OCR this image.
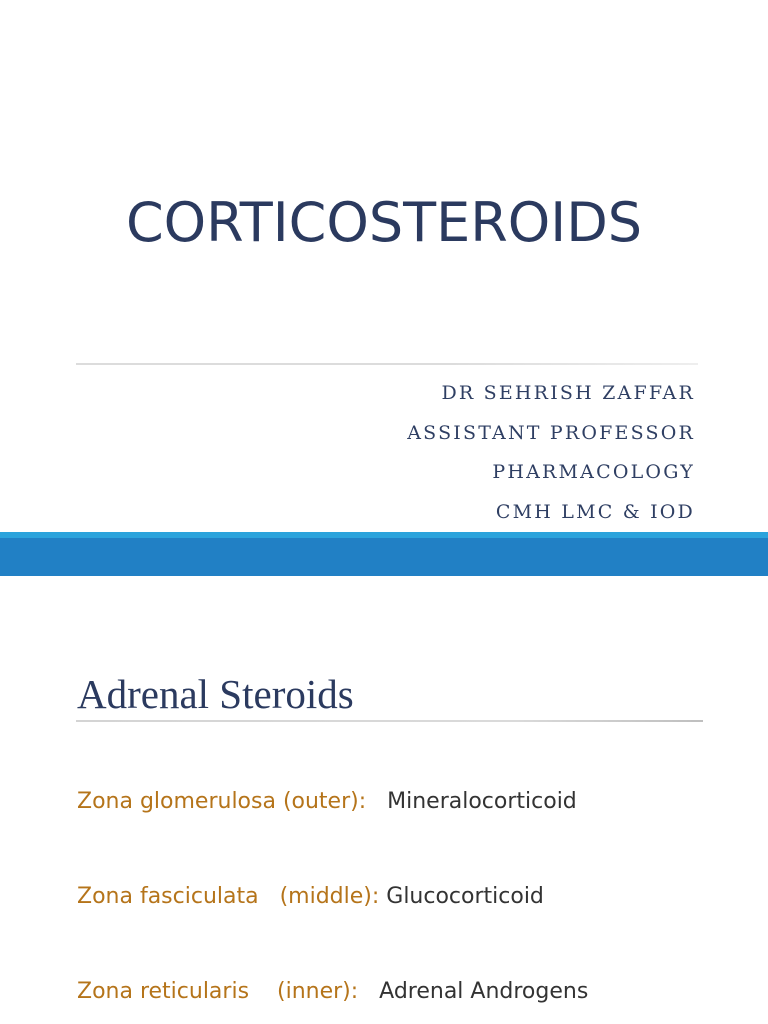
CORTICOSTEROIDS
DR SEHRISH ZAFFAR
ASSISTANT PROFESSOR
PHARMACOLOGY
CMH LMC & IOD
Adrenal Steroids
Zona glomerulosa (outer):   Mineralocorticoid
Zona fasciculata   (middle): Glucocorticoid
Zona reticularis    (inner):   Adrenal Androgens
